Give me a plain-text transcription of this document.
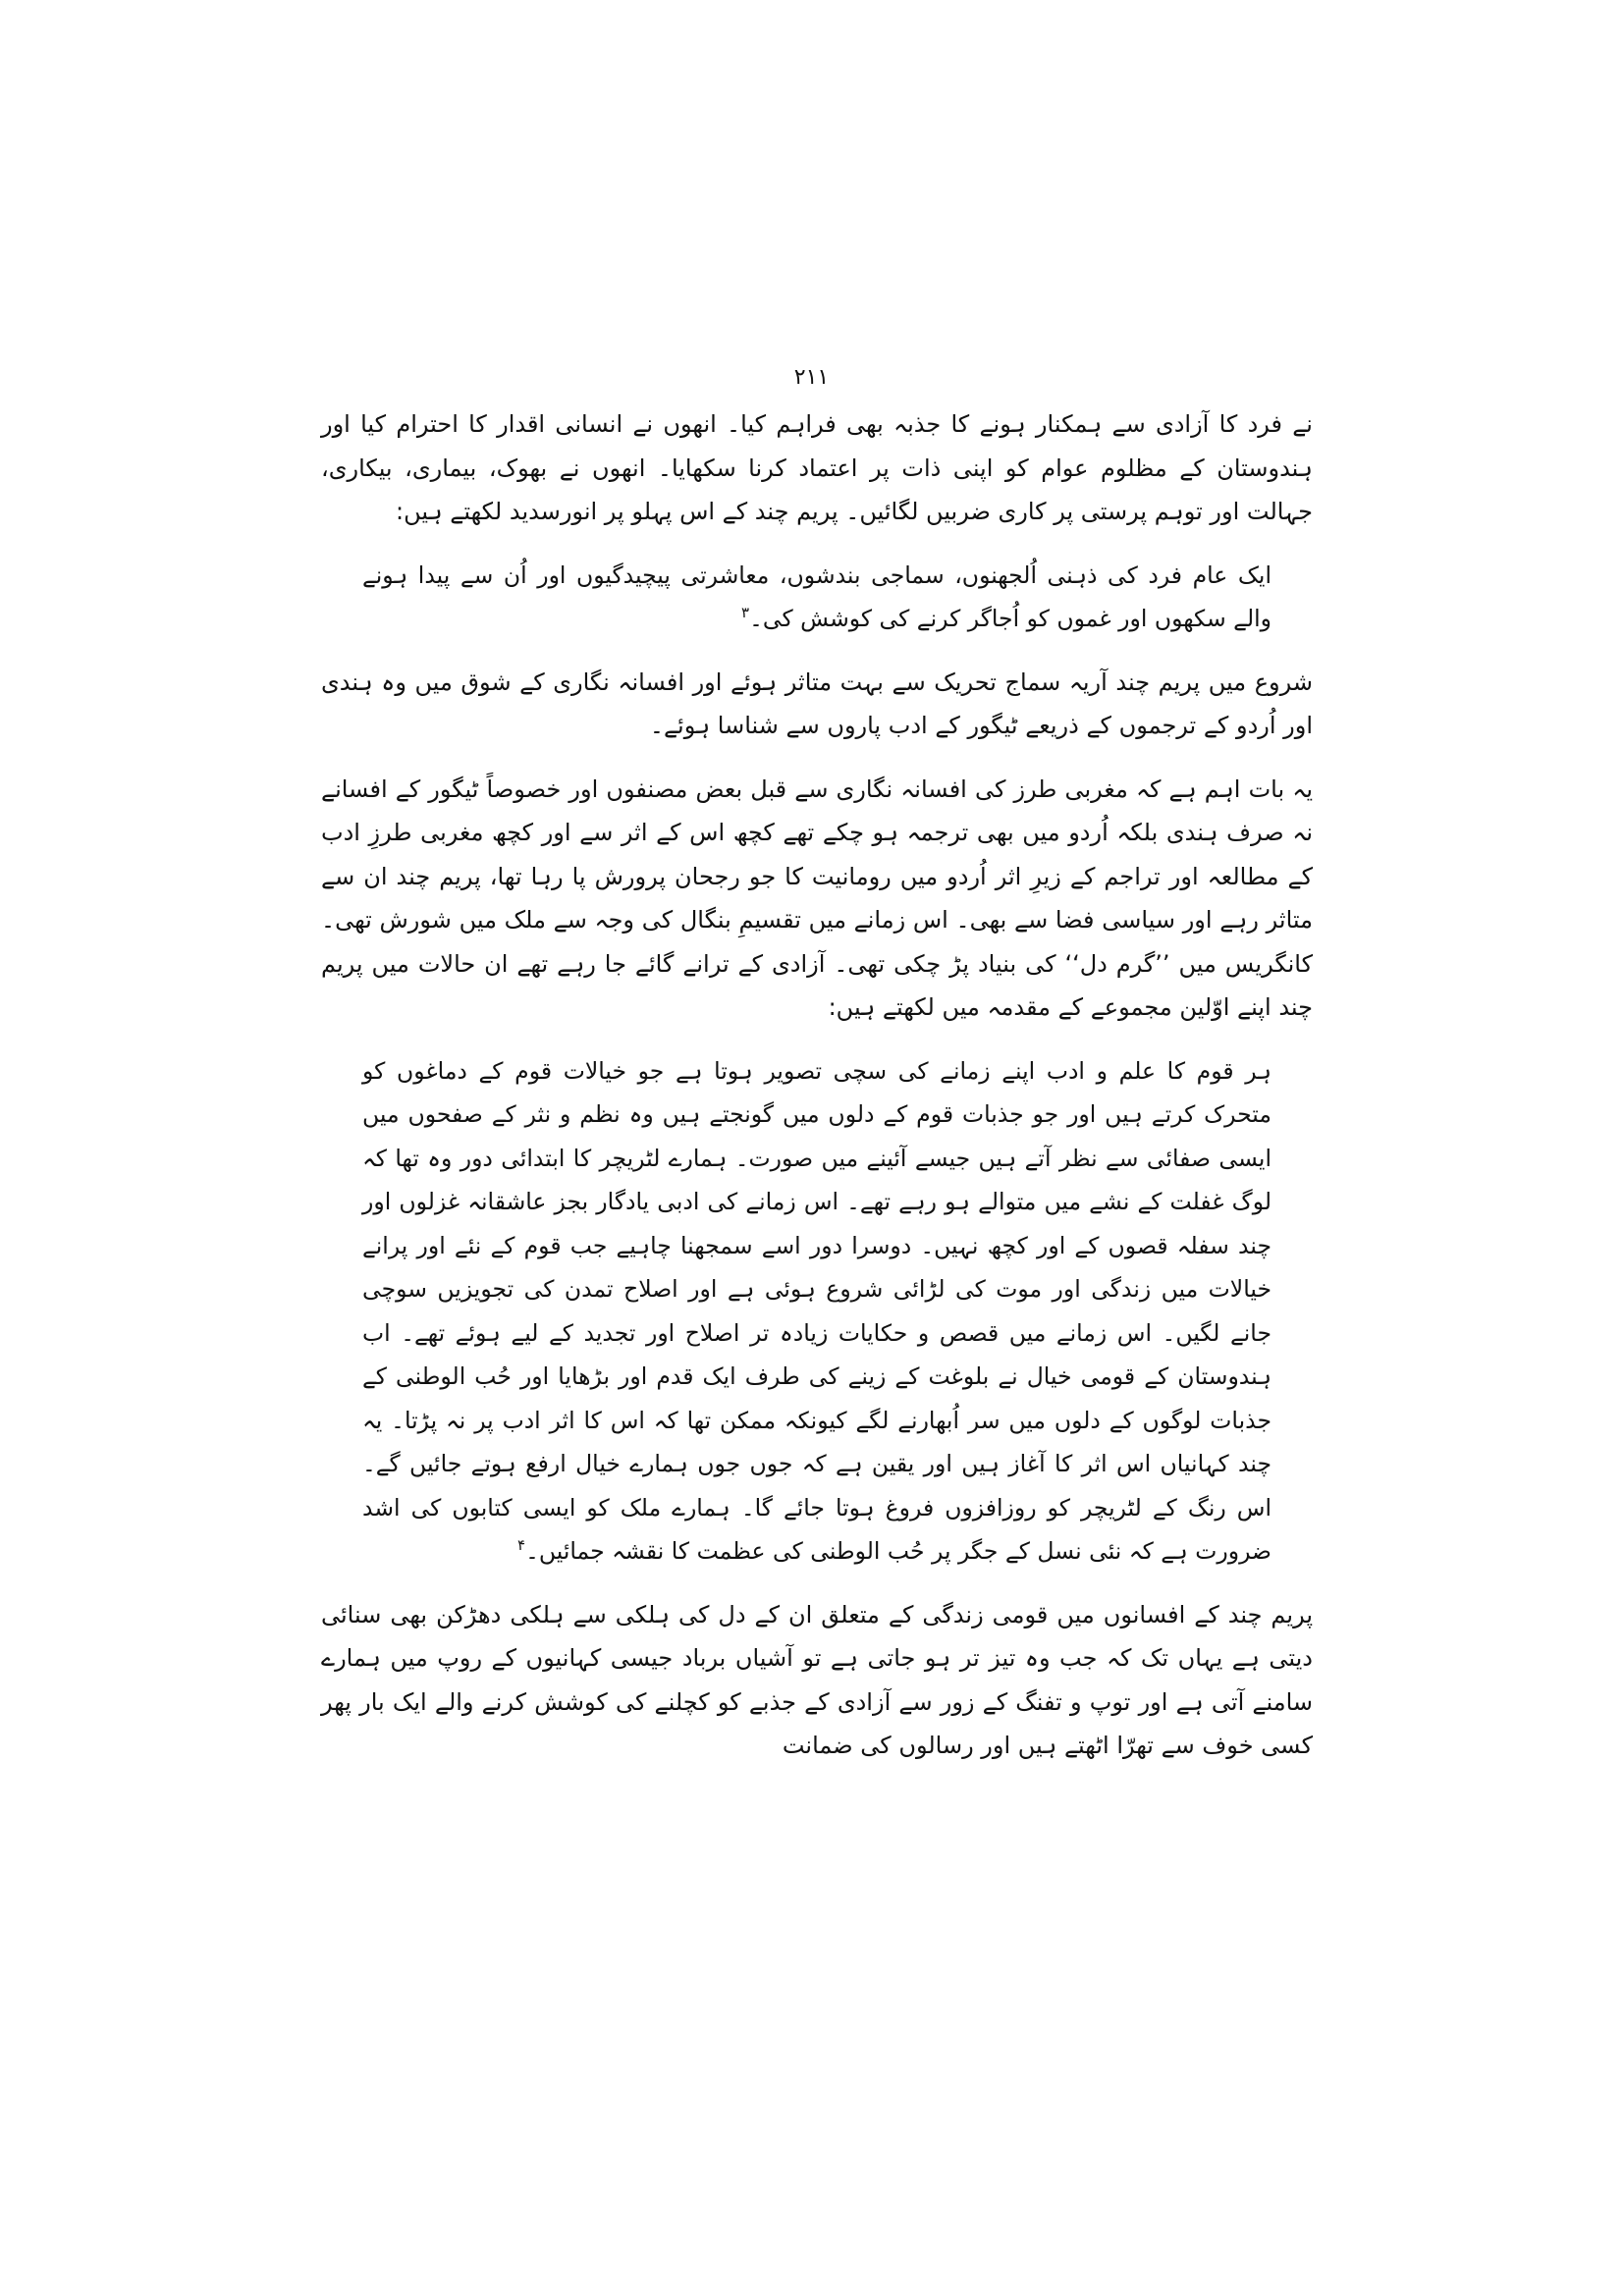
۲۱۱

نے فرد کا آزادی سے ہمکنار ہونے کا جذبہ بھی فراہم کیا۔ انھوں نے انسانی اقدار کا احترام کیا اور ہندوستان کے مظلوم عوام کو اپنی ذات پر اعتماد کرنا سکھایا۔ انھوں نے بھوک، بیماری، بیکاری، جہالت اور توہم پرستی پر کاری ضربیں لگائیں۔ پریم چند کے اس پہلو پر انورسدید لکھتے ہیں:

ایک عام فرد کی ذہنی اُلجھنوں، سماجی بندشوں، معاشرتی پیچیدگیوں اور اُن سے پیدا ہونے والے سکھوں اور غموں کو اُجاگر کرنے کی کوشش کی۔$^۳$

شروع میں پریم چند آریہ سماج تحریک سے بہت متاثر ہوئے اور افسانہ نگاری کے شوق میں وہ ہندی اور اُردو کے ترجموں کے ذریعے ٹیگور کے ادب پاروں سے شناسا ہوئے۔

یہ بات اہم ہے کہ مغربی طرز کی افسانہ نگاری سے قبل بعض مصنفوں اور خصوصاً ٹیگور کے افسانے نہ صرف ہندی بلکہ اُردو میں بھی ترجمہ ہو چکے تھے کچھ اس کے اثر سے اور کچھ مغربی طرزِ ادب کے مطالعہ اور تراجم کے زیرِ اثر اُردو میں رومانیت کا جو رجحان پرورش پا رہا تھا، پریم چند ان سے متاثر رہے اور سیاسی فضا سے بھی۔ اس زمانے میں تقسیمِ بنگال کی وجہ سے ملک میں شورش تھی۔ کانگریس میں ’’گرم دل‘‘ کی بنیاد پڑ چکی تھی۔ آزادی کے ترانے گائے جا رہے تھے ان حالات میں پریم چند اپنے اوّلین مجموعے کے مقدمہ میں لکھتے ہیں:

ہر قوم کا علم و ادب اپنے زمانے کی سچی تصویر ہوتا ہے جو خیالات قوم کے دماغوں کو متحرک کرتے ہیں اور جو جذبات قوم کے دلوں میں گونجتے ہیں وہ نظم و نثر کے صفحوں میں ایسی صفائی سے نظر آتے ہیں جیسے آئینے میں صورت۔ ہمارے لٹریچر کا ابتدائی دور وہ تھا کہ لوگ غفلت کے نشے میں متوالے ہو رہے تھے۔ اس زمانے کی ادبی یادگار بجز عاشقانہ غزلوں اور چند سفلہ قصوں کے اور کچھ نہیں۔ دوسرا دور اسے سمجھنا چاہیے جب قوم کے نئے اور پرانے خیالات میں زندگی اور موت کی لڑائی شروع ہوئی ہے اور اصلاح تمدن کی تجویزیں سوچی جانے لگیں۔ اس زمانے میں قصص و حکایات زیادہ تر اصلاح اور تجدید کے لیے ہوئے تھے۔ اب ہندوستان کے قومی خیال نے بلوغت کے زینے کی طرف ایک قدم اور بڑھایا اور حُب الوطنی کے جذبات لوگوں کے دلوں میں سر اُبھارنے لگے کیونکہ ممکن تھا کہ اس کا اثر ادب پر نہ پڑتا۔ یہ چند کہانیاں اس اثر کا آغاز ہیں اور یقین ہے کہ جوں جوں ہمارے خیال ارفع ہوتے جائیں گے۔ اس رنگ کے لٹریچر کو روزافزوں فروغ ہوتا جائے گا۔ ہمارے ملک کو ایسی کتابوں کی اشد ضرورت ہے کہ نئی نسل کے جگر پر حُب الوطنی کی عظمت کا نقشہ جمائیں۔$^۴$

پریم چند کے افسانوں میں قومی زندگی کے متعلق ان کے دل کی ہلکی سے ہلکی دھڑکن بھی سنائی دیتی ہے یہاں تک کہ جب وہ تیز تر ہو جاتی ہے تو آشیاں برباد جیسی کہانیوں کے روپ میں ہمارے سامنے آتی ہے اور توپ و تفنگ کے زور سے آزادی کے جذبے کو کچلنے کی کوشش کرنے والے ایک بار پھر کسی خوف سے تھرّا اٹھتے ہیں اور رسالوں کی ضمانت
